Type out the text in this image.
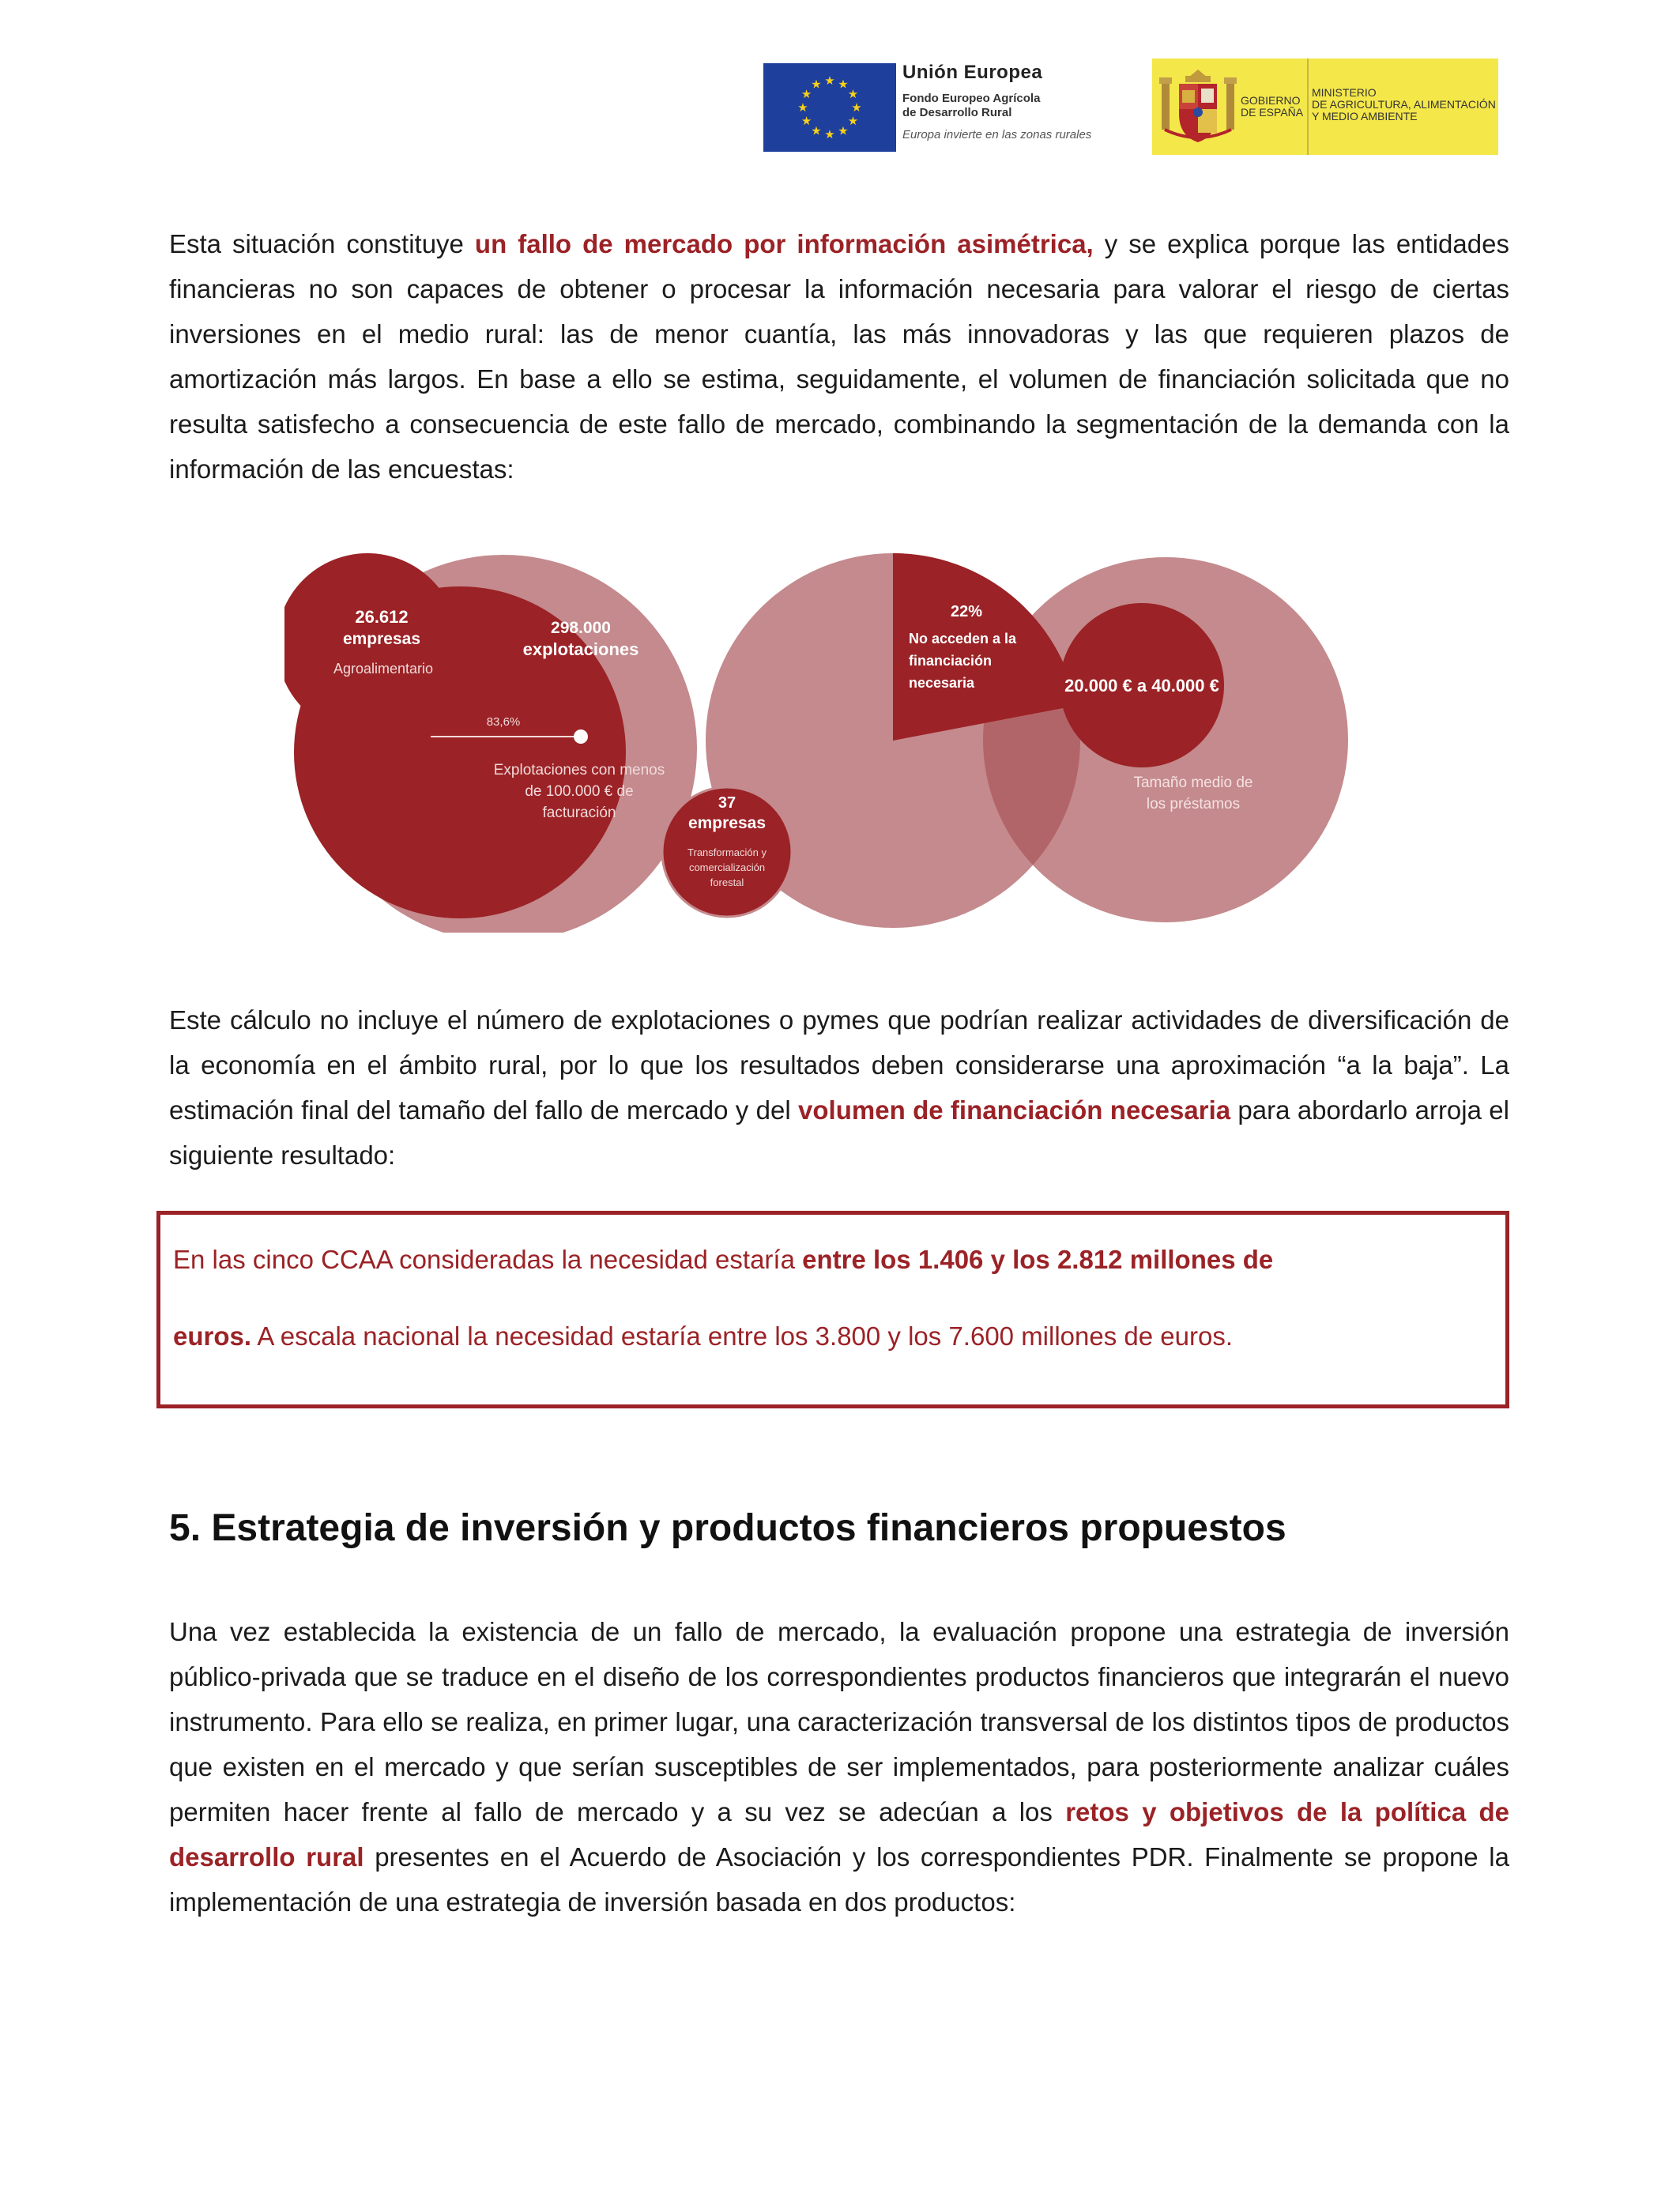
★ ★
★
★
★
★
★
★
★
★
★
★
Unión Europea
Fondo Europeo Agrícola
de Desarrollo Rural
Europa invierte en las zonas rurales
GOBIERNO
DE ESPAÑA
MINISTERIO
DE AGRICULTURA, ALIMENTACIÓN
Y MEDIO AMBIENTE

Esta situación constituye un fallo de mercado por información asimétrica, y se explica porque las entidades financieras no son capaces de obtener o procesar la información necesaria para valorar el riesgo de ciertas inversiones en el medio rural: las de menor cuantía, las más innovadoras y las que requieren plazos de amortización más largos. En base a ello se estima, seguidamente, el volumen de financiación solicitada que no resulta satisfecho a consecuencia de este fallo de mercado, combinando la segmentación de la demanda con la información de las encuestas:

26.612
empresas
Agroalimentario
298.000
explotaciones
83,6%
Explotaciones con menos
de 100.000 € de
facturación
37
empresas
Transformación y
comercialización
forestal
22%
No acceden a la
financiación
necesaria	20.000 € a 40.000 €
Tamaño medio de
los préstamos

Este cálculo no incluye el número de explotaciones o pymes que podrían realizar actividades de diversificación de la economía en el ámbito rural, por lo que los resultados deben considerarse una aproximación “a la baja”. La estimación final del tamaño del fallo de mercado y del volumen de financiación necesaria para abordarlo arroja el siguiente resultado:

En las cinco CCAA consideradas la necesidad estaría entre los 1.406 y los 2.812 millones de

euros. A escala nacional la necesidad estaría entre los 3.800 y los 7.600 millones de euros.

5. Estrategia de inversión y productos financieros propuestos

Una vez establecida la existencia de un fallo de mercado, la evaluación propone una estrategia de inversión público-privada que se traduce en el diseño de los correspondientes productos financieros que integrarán el nuevo instrumento. Para ello se realiza, en primer lugar, una caracterización transversal de los distintos tipos de productos que existen en el mercado y que serían susceptibles de ser implementados, para posteriormente analizar cuáles permiten hacer frente al fallo de mercado y a su vez se adecúan a los retos y objetivos de la política de desarrollo rural presentes en el Acuerdo de Asociación y los correspondientes PDR. Finalmente se propone la implementación de una estrategia de inversión basada en dos productos:
